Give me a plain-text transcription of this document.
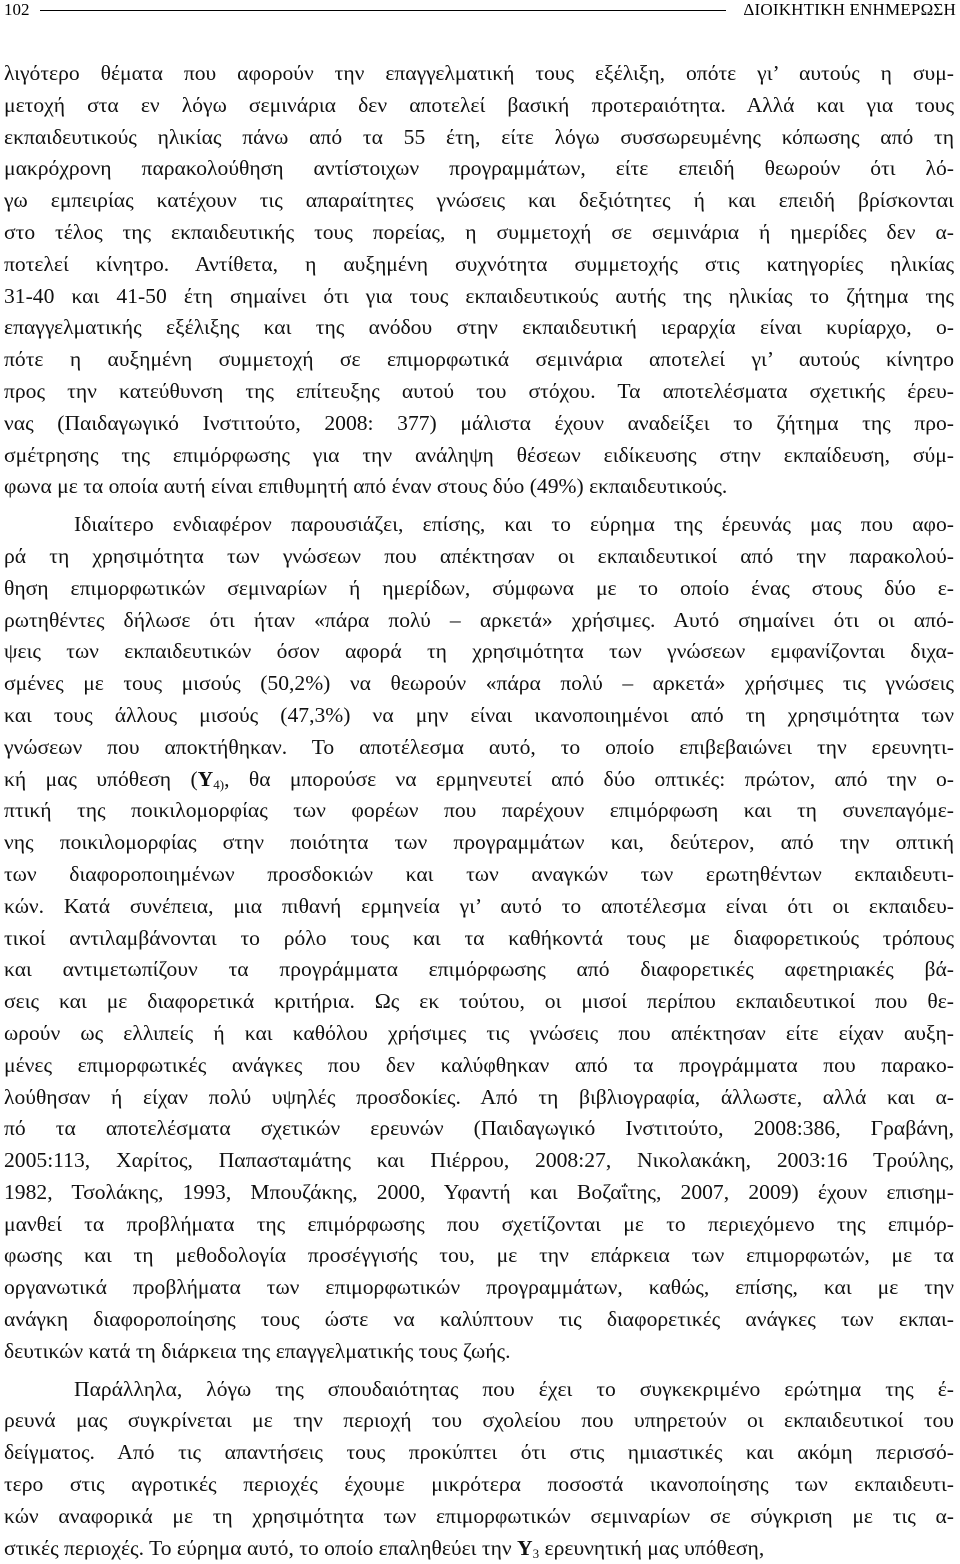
102	ΔΙΟΙΚΗΤΙΚΗ ΕΝΗΜΕΡΩΣΗ
λιγότερο θέματα που αφορούν την επαγγελματική τους εξέλιξη, οπότε γι’ αυτούς η συμ-
μετοχή στα εν λόγω σεμινάρια δεν αποτελεί βασική προτεραιότητα. Αλλά και για τους
εκπαιδευτικούς ηλικίας πάνω από τα 55 έτη, είτε λόγω συσσωρευμένης κόπωσης από τη
μακρόχρονη παρακολούθηση αντίστοιχων προγραμμάτων, είτε επειδή θεωρούν ότι λό-
γω εμπειρίας κατέχουν τις απαραίτητες γνώσεις και δεξιότητες ή και επειδή βρίσκονται
στο τέλος της εκπαιδευτικής τους πορείας, η συμμετοχή σε σεμινάρια ή ημερίδες δεν α-
ποτελεί κίνητρο. Αντίθετα, η αυξημένη συχνότητα συμμετοχής στις κατηγορίες ηλικίας
31-40 και 41-50 έτη σημαίνει ότι για τους εκπαιδευτικούς αυτής της ηλικίας το ζήτημα της
επαγγελματικής εξέλιξης και της ανόδου στην εκπαιδευτική ιεραρχία είναι κυρίαρχο, ο-
πότε η αυξημένη συμμετοχή σε επιμορφωτικά σεμινάρια αποτελεί γι’ αυτούς κίνητρο
προς την κατεύθυνση της επίτευξης αυτού του στόχου. Τα αποτελέσματα σχετικής έρευ-
νας (Παιδαγωγικό Ινστιτούτο, 2008: 377) μάλιστα έχουν αναδείξει το ζήτημα της προ-
σμέτρησης της επιμόρφωσης για την ανάληψη θέσεων ειδίκευσης στην εκπαίδευση, σύμ-
φωνα με τα οποία αυτή είναι επιθυμητή από έναν στους δύο (49%) εκπαιδευτικούς.
Ιδιαίτερο ενδιαφέρον παρουσιάζει, επίσης, και το εύρημα της έρευνάς μας που αφο-
ρά τη χρησιμότητα των γνώσεων που απέκτησαν οι εκπαιδευτικοί από την παρακολού-
θηση επιμορφωτικών σεμιναρίων ή ημερίδων, σύμφωνα με το οποίο ένας στους δύο ε-
ρωτηθέντες δήλωσε ότι ήταν «πάρα πολύ – αρκετά» χρήσιμες. Αυτό σημαίνει ότι οι από-
ψεις των εκπαιδευτικών όσον αφορά τη χρησιμότητα των γνώσεων εμφανίζονται διχα-
σμένες με τους μισούς (50,2%) να θεωρούν «πάρα πολύ – αρκετά» χρήσιμες τις γνώσεις
και τους άλλους μισούς (47,3%) να μην είναι ικανοποιημένοι από τη χρησιμότητα των
γνώσεων που αποκτήθηκαν. Το αποτέλεσμα αυτό, το οποίο επιβεβαιώνει την ερευνητι-
κή μας υπόθεση ($\Upsilon_{4)}$, θα μπορούσε να ερμηνευτεί από δύο οπτικές: πρώτον, από την ο-
πτική της ποικιλομορφίας των φορέων που παρέχουν επιμόρφωση και τη συνεπαγόμε-
νης ποικιλομορφίας στην ποιότητα των προγραμμάτων και, δεύτερον, από την οπτική
των διαφοροποιημένων προσδοκιών και των αναγκών των ερωτηθέντων εκπαιδευτι-
κών. Κατά συνέπεια, μια πιθανή ερμηνεία γι’ αυτό το αποτέλεσμα είναι ότι οι εκπαιδευ-
τικοί αντιλαμβάνονται το ρόλο τους και τα καθήκοντά τους με διαφορετικούς τρόπους
και αντιμετωπίζουν τα προγράμματα επιμόρφωσης από διαφορετικές αφετηριακές βά-
σεις και με διαφορετικά κριτήρια. Ως εκ τούτου, οι μισοί περίπου εκπαιδευτικοί που θε-
ωρούν ως ελλιπείς ή και καθόλου χρήσιμες τις γνώσεις που απέκτησαν είτε είχαν αυξη-
μένες επιμορφωτικές ανάγκες που δεν καλύφθηκαν από τα προγράμματα που παρακο-
λούθησαν ή είχαν πολύ υψηλές προσδοκίες. Από τη βιβλιογραφία, άλλωστε, αλλά και α-
πό τα αποτελέσματα σχετικών ερευνών (Παιδαγωγικό Ινστιτούτο, 2008:386, Γραβάνη,
2005:113, Χαρίτος, Παπασταμάτης και Πιέρρου, 2008:27, Νικολακάκη, 2003:16 Τρούλης,
1982, Τσολάκης, 1993, Μπουζάκης, 2000, Υφαντή και Βοζαΐτης, 2007, 2009) έχουν επισημ-
μανθεί τα προβλήματα της επιμόρφωσης που σχετίζονται με το περιεχόμενο της επιμόρ-
φωσης και τη μεθοδολογία προσέγγισής του, με την επάρκεια των επιμορφωτών, με τα
οργανωτικά προβλήματα των επιμορφωτικών προγραμμάτων, καθώς, επίσης, και με την
ανάγκη διαφοροποίησης τους ώστε να καλύπτουν τις διαφορετικές ανάγκες των εκπαι-
δευτικών κατά τη διάρκεια της επαγγελματικής τους ζωής.
Παράλληλα, λόγω της σπουδαιότητας που έχει το συγκεκριμένο ερώτημα της έ-
ρευνά μας συγκρίνεται με την περιοχή του σχολείου που υπηρετούν οι εκπαιδευτικοί του
δείγματος. Από τις απαντήσεις τους προκύπτει ότι στις ημιαστικές και ακόμη περισσό-
τερο στις αγροτικές περιοχές έχουμε μικρότερα ποσοστά ικανοποίησης των εκπαιδευτι-
κών αναφορικά με τη χρησιμότητα των επιμορφωτικών σεμιναρίων σε σύγκριση με τις α-
στικές περιοχές. Το εύρημα αυτό, το οποίο επαληθεύει την $\Upsilon_3$ ερευνητική μας υπόθεση,
